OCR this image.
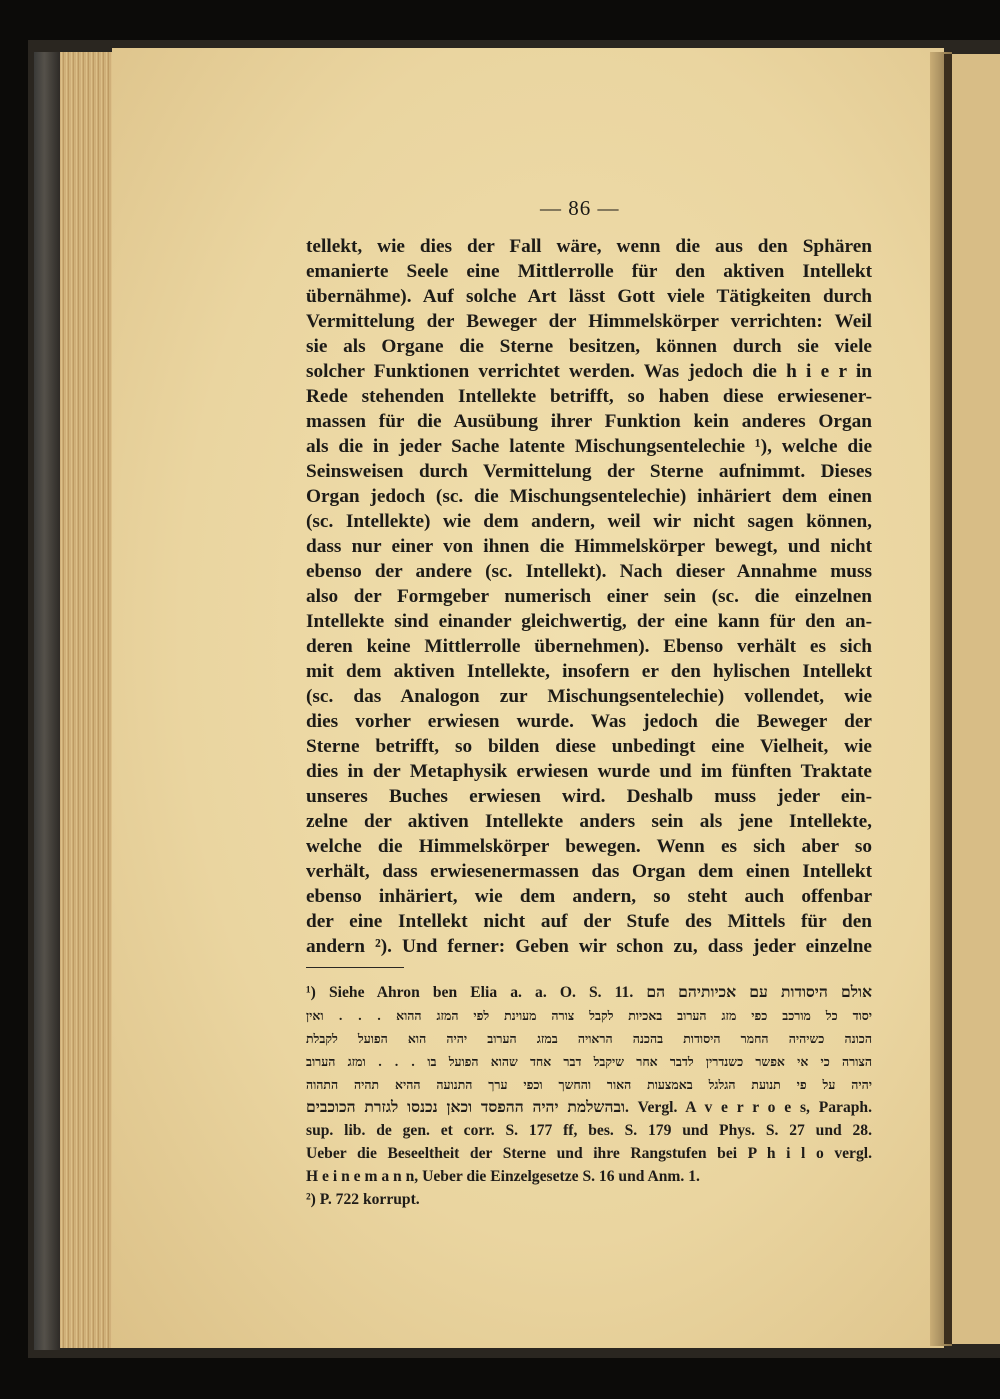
— 86 —
tellekt, wie dies der Fall wäre, wenn die aus den Sphären
emanierte Seele eine Mittlerrolle für den aktiven Intellekt
übernähme). Auf solche Art lässt Gott viele Tätigkeiten durch
Vermittelung der Beweger der Himmelskörper verrichten: Weil
sie als Organe die Sterne besitzen, können durch sie viele
solcher Funktionen verrichtet werden. Was jedoch die h i e r in
Rede stehenden Intellekte betrifft, so haben diese erwiesener-
massen für die Ausübung ihrer Funktion kein anderes Organ
als die in jeder Sache latente Mischungsentelechie ¹), welche die
Seinsweisen durch Vermittelung der Sterne aufnimmt. Dieses
Organ jedoch (sc. die Mischungsentelechie) inhäriert dem einen
(sc. Intellekte) wie dem andern, weil wir nicht sagen können,
dass nur einer von ihnen die Himmelskörper bewegt, und nicht
ebenso der andere (sc. Intellekt). Nach dieser Annahme muss
also der Formgeber numerisch einer sein (sc. die einzelnen
Intellekte sind einander gleichwertig, der eine kann für den an-
deren keine Mittlerrolle übernehmen). Ebenso verhält es sich
mit dem aktiven Intellekte, insofern er den hylischen Intellekt
(sc. das Analogon zur Mischungsentelechie) vollendet, wie
dies vorher erwiesen wurde. Was jedoch die Beweger der
Sterne betrifft, so bilden diese unbedingt eine Vielheit, wie
dies in der Metaphysik erwiesen wurde und im fünften Traktate
unseres Buches erwiesen wird. Deshalb muss jeder ein-
zelne der aktiven Intellekte anders sein als jene Intellekte,
welche die Himmelskörper bewegen. Wenn es sich aber so
verhält, dass erwiesenermassen das Organ dem einen Intellekt
ebenso inhäriert, wie dem andern, so steht auch offenbar
der eine Intellekt nicht auf der Stufe des Mittels für den
andern ²). Und ferner: Geben wir schon zu, dass jeder einzelne
¹) Siehe Ahron ben Elia a. a. O. S. 11. אולם היסודות עם אכיותיהם הם
יסוד כל מורכב כפי מזג הערוב באכיות לקבל צורה מעוינת לפי המזג ההוא . . . ואין
הכונה כשיהיה החמר היסודות בהכנה הראויה במזג הערוב יהיה הוא הפועל לקבלת
הצורה כי אי אפשר כשנדרין לדבר אחר שיקבל דבר אחד שהוא הפועל בו . . . ומזג הערוב
יהיה על פי תנועת הגלגל באמצעות האור והחשך וכפי ערך התנועה ההיא תהיה התהוה
ובהשלמת יהיה ההפסד וכאן נכנסו לגזרת הכוכבים. Vergl. A v e r r o e s, Paraph.
sup. lib. de gen. et corr. S. 177 ff, bes. S. 179 und Phys. S. 27 und 28.
Ueber die Beseeltheit der Sterne und ihre Rangstufen bei P h i l o vergl.
H e i n e m a n n, Ueber die Einzelgesetze S. 16 und Anm. 1.
²) P. 722 korrupt.
